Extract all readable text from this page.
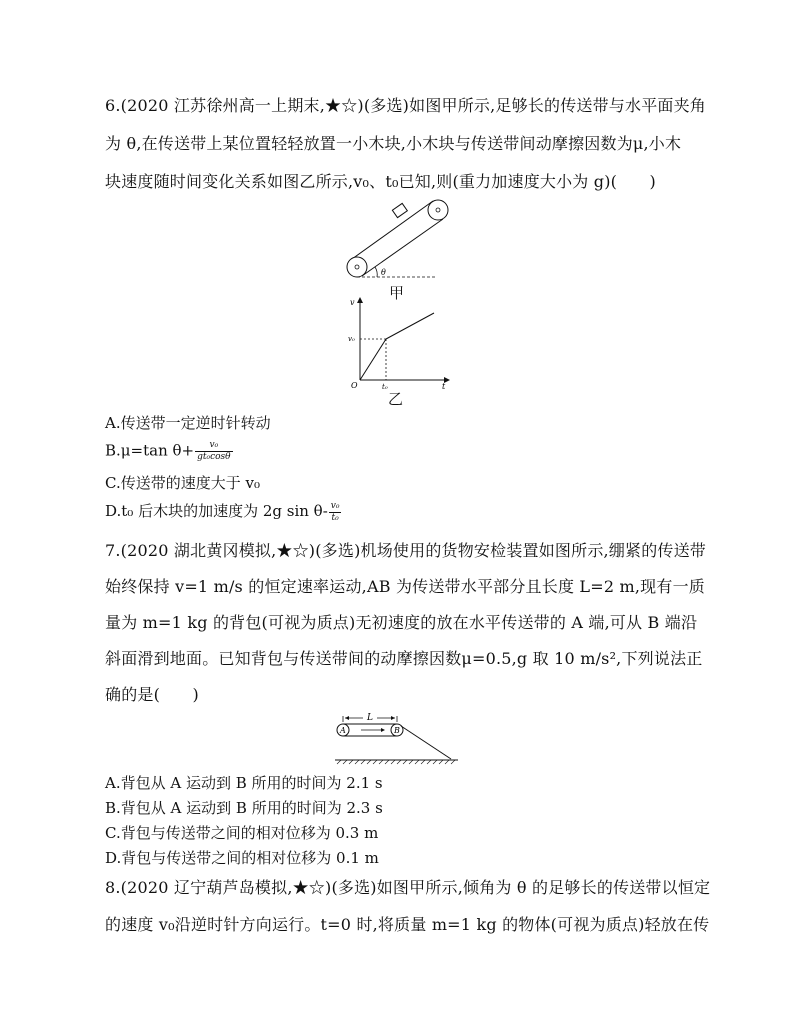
6.(2020 江苏徐州高一上期末,★☆)(多选)如图甲所示,足够长的传送带与水平面夹角
为 θ,在传送带上某位置轻轻放置一小木块,小木块与传送带间动摩擦因数为μ,小木
块速度随时间变化关系如图乙所示,v₀、t₀已知,则(重力加速度大小为 g)(　　)
θ
甲
v
t
O
v₀
t₀
乙
A.传送带一定逆时针转动
B.μ=tan $\theta+ \frac{\text{v₀}}{\text{gt₀cosθ}}$
C.传送带的速度大于 v₀
D.t₀ 后木块的加速度为 2g $\sin \theta- \frac{\text{v₀}}{\text{t₀}}$
7.(2020 湖北黄冈模拟,★☆)(多选)机场使用的货物安检装置如图所示,绷紧的传送带
始终保持 v=1 m/s 的恒定速率运动,AB 为传送带水平部分且长度 L=2 m,现有一质
量为 m=1 kg 的背包(可视为质点)无初速度的放在水平传送带的 A 端,可从 B 端沿
斜面滑到地面。已知背包与传送带间的动摩擦因数μ=0.5,g 取 10 m/s²,下列说法正
确的是(　　)
L
A	B
A.背包从 A 运动到 B 所用的时间为 2.1 s
B.背包从 A 运动到 B 所用的时间为 2.3 s
C.背包与传送带之间的相对位移为 0.3 m
D.背包与传送带之间的相对位移为 0.1 m
8.(2020 辽宁葫芦岛模拟,★☆)(多选)如图甲所示,倾角为 θ 的足够长的传送带以恒定
的速度 v₀沿逆时针方向运行。t=0 时,将质量 m=1 kg 的物体(可视为质点)轻放在传
